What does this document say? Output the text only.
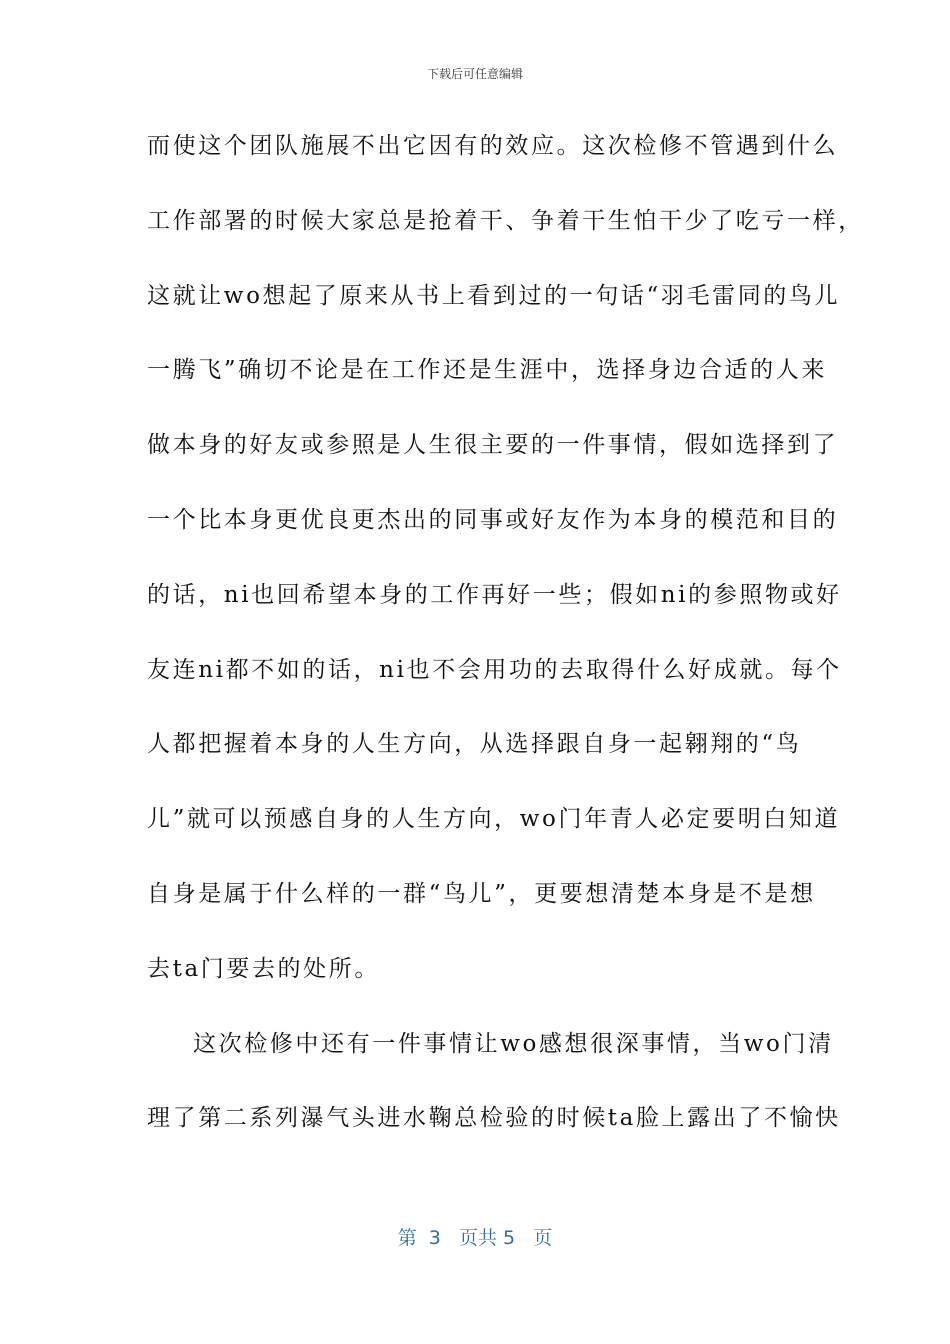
下载后可任意编辑
而使这个团队施展不出它因有的效应。这次检修不管遇到什么
工作部署的时候大家总是抢着干、争着干生怕干少了吃亏一样，
这就让wo想起了原来从书上看到过的一句话“羽毛雷同的鸟儿
一腾飞”确切不论是在工作还是生涯中，选择身边合适的人来
做本身的好友或参照是人生很主要的一件事情，假如选择到了
一个比本身更优良更杰出的同事或好友作为本身的模范和目的
的话，ni也回希望本身的工作再好一些；假如ni的参照物或好
友连ni都不如的话，ni也不会用功的去取得什么好成就。每个
人都把握着本身的人生方向，从选择跟自身一起翱翔的“鸟
儿”就可以预感自身的人生方向，wo门年青人必定要明白知道
自身是属于什么样的一群“鸟儿”，更要想清楚本身是不是想
去ta门要去的处所。
这次检修中还有一件事情让wo感想很深事情，当wo门清
理了第二系列瀑气头进水鞠总检验的时候ta脸上露出了不愉快
第  3   页共 5   页
